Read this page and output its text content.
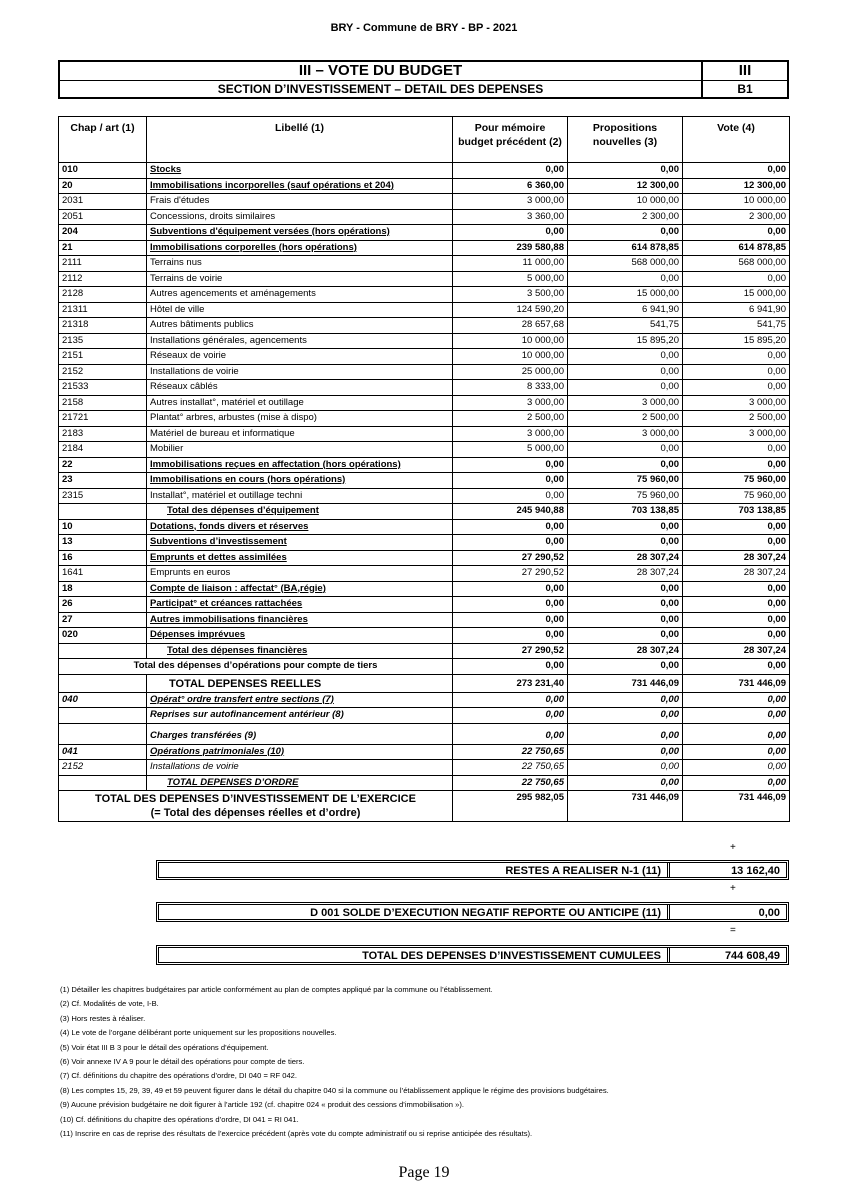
BRY - Commune de BRY - BP - 2021
III – VOTE DU BUDGET	III
SECTION D’INVESTISSEMENT – DETAIL DES DEPENSES	B1
Chap / art (1)	Libellé (1)	Pour mémoire budget précédent (2)	Propositions nouvelles (3)	Vote (4)
010	Stocks	0,00	0,00	0,00
20	Immobilisations incorporelles (sauf opérations et 204)	6 360,00	12 300,00	12 300,00
2031	Frais d'études	3 000,00	10 000,00	10 000,00
2051	Concessions, droits similaires	3 360,00	2 300,00	2 300,00
204	Subventions d'équipement versées (hors opérations)	0,00	0,00	0,00
21	Immobilisations corporelles (hors opérations)	239 580,88	614 878,85	614 878,85
2111	Terrains nus	11 000,00	568 000,00	568 000,00
2112	Terrains de voirie	5 000,00	0,00	0,00
2128	Autres agencements et aménagements	3 500,00	15 000,00	15 000,00
21311	Hôtel de ville	124 590,20	6 941,90	6 941,90
21318	Autres bâtiments publics	28 657,68	541,75	541,75
2135	Installations générales, agencements	10 000,00	15 895,20	15 895,20
2151	Réseaux de voirie	10 000,00	0,00	0,00
2152	Installations de voirie	25 000,00	0,00	0,00
21533	Réseaux câblés	8 333,00	0,00	0,00
2158	Autres installat°, matériel et outillage	3 000,00	3 000,00	3 000,00
21721	Plantat° arbres, arbustes (mise à dispo)	2 500,00	2 500,00	2 500,00
2183	Matériel de bureau et informatique	3 000,00	3 000,00	3 000,00
2184	Mobilier	5 000,00	0,00	0,00
22	Immobilisations reçues en affectation (hors opérations)	0,00	0,00	0,00
23	Immobilisations en cours (hors opérations)	0,00	75 960,00	75 960,00
2315	Installat°, matériel et outillage techni	0,00	75 960,00	75 960,00
	Total des dépenses d’équipement	245 940,88	703 138,85	703 138,85
10	Dotations, fonds divers et réserves	0,00	0,00	0,00
13	Subventions d’investissement	0,00	0,00	0,00
16	Emprunts et dettes assimilées	27 290,52	28 307,24	28 307,24
1641	Emprunts en euros	27 290,52	28 307,24	28 307,24
18	Compte de liaison : affectat° (BA,régie)	0,00	0,00	0,00
26	Participat° et créances rattachées	0,00	0,00	0,00
27	Autres immobilisations financières	0,00	0,00	0,00
020	Dépenses imprévues	0,00	0,00	0,00
	Total des dépenses financières	27 290,52	28 307,24	28 307,24
Total des dépenses d’opérations pour compte de tiers		0,00	0,00	0,00
	TOTAL DEPENSES REELLES	273 231,40	731 446,09	731 446,09
040	Opérat° ordre transfert entre sections (7)	0,00	0,00	0,00
	Reprises sur autofinancement antérieur (8)	0,00	0,00	0,00
	Charges transférées (9)	0,00	0,00	0,00
041	Opérations patrimoniales (10)	22 750,65	0,00	0,00
2152	Installations de voirie	22 750,65	0,00	0,00
	TOTAL DEPENSES D’ORDRE	22 750,65	0,00	0,00
TOTAL DES DEPENSES D’INVESTISSEMENT DE L’EXERCICE
(= Total des dépenses réelles et d’ordre)		295 982,05	731 446,09	731 446,09
+
RESTES A REALISER N-1 (11)	13 162,40
+
D 001 SOLDE D’EXECUTION NEGATIF REPORTE OU ANTICIPE (11)	0,00
=
TOTAL DES DEPENSES D’INVESTISSEMENT CUMULEES	744 608,49
(1) Détailler les chapitres budgétaires par article conformément au plan de comptes appliqué par la commune ou l’établissement.
(2) Cf. Modalités de vote, I-B.
(3) Hors restes à réaliser.
(4) Le vote de l’organe délibérant porte uniquement sur les propositions nouvelles.
(5) Voir état III B 3 pour le détail des opérations d’équipement.
(6) Voir annexe IV A 9 pour le détail des opérations pour compte de tiers.
(7) Cf. définitions du chapitre des opérations d’ordre, DI 040 = RF 042.
(8) Les comptes 15, 29, 39, 49 et 59 peuvent figurer dans le détail du chapitre 040 si la commune ou l’établissement applique le régime des provisions budgétaires.
(9) Aucune prévision budgétaire ne doit figurer à l’article 192 (cf. chapitre 024 « produit des cessions d’immobilisation »).
(10) Cf. définitions du chapitre des opérations d’ordre, DI 041 = RI 041.
(11) Inscrire en cas de reprise des résultats de l’exercice précédent (après vote du compte administratif ou si reprise anticipée des résultats).
Page 19
